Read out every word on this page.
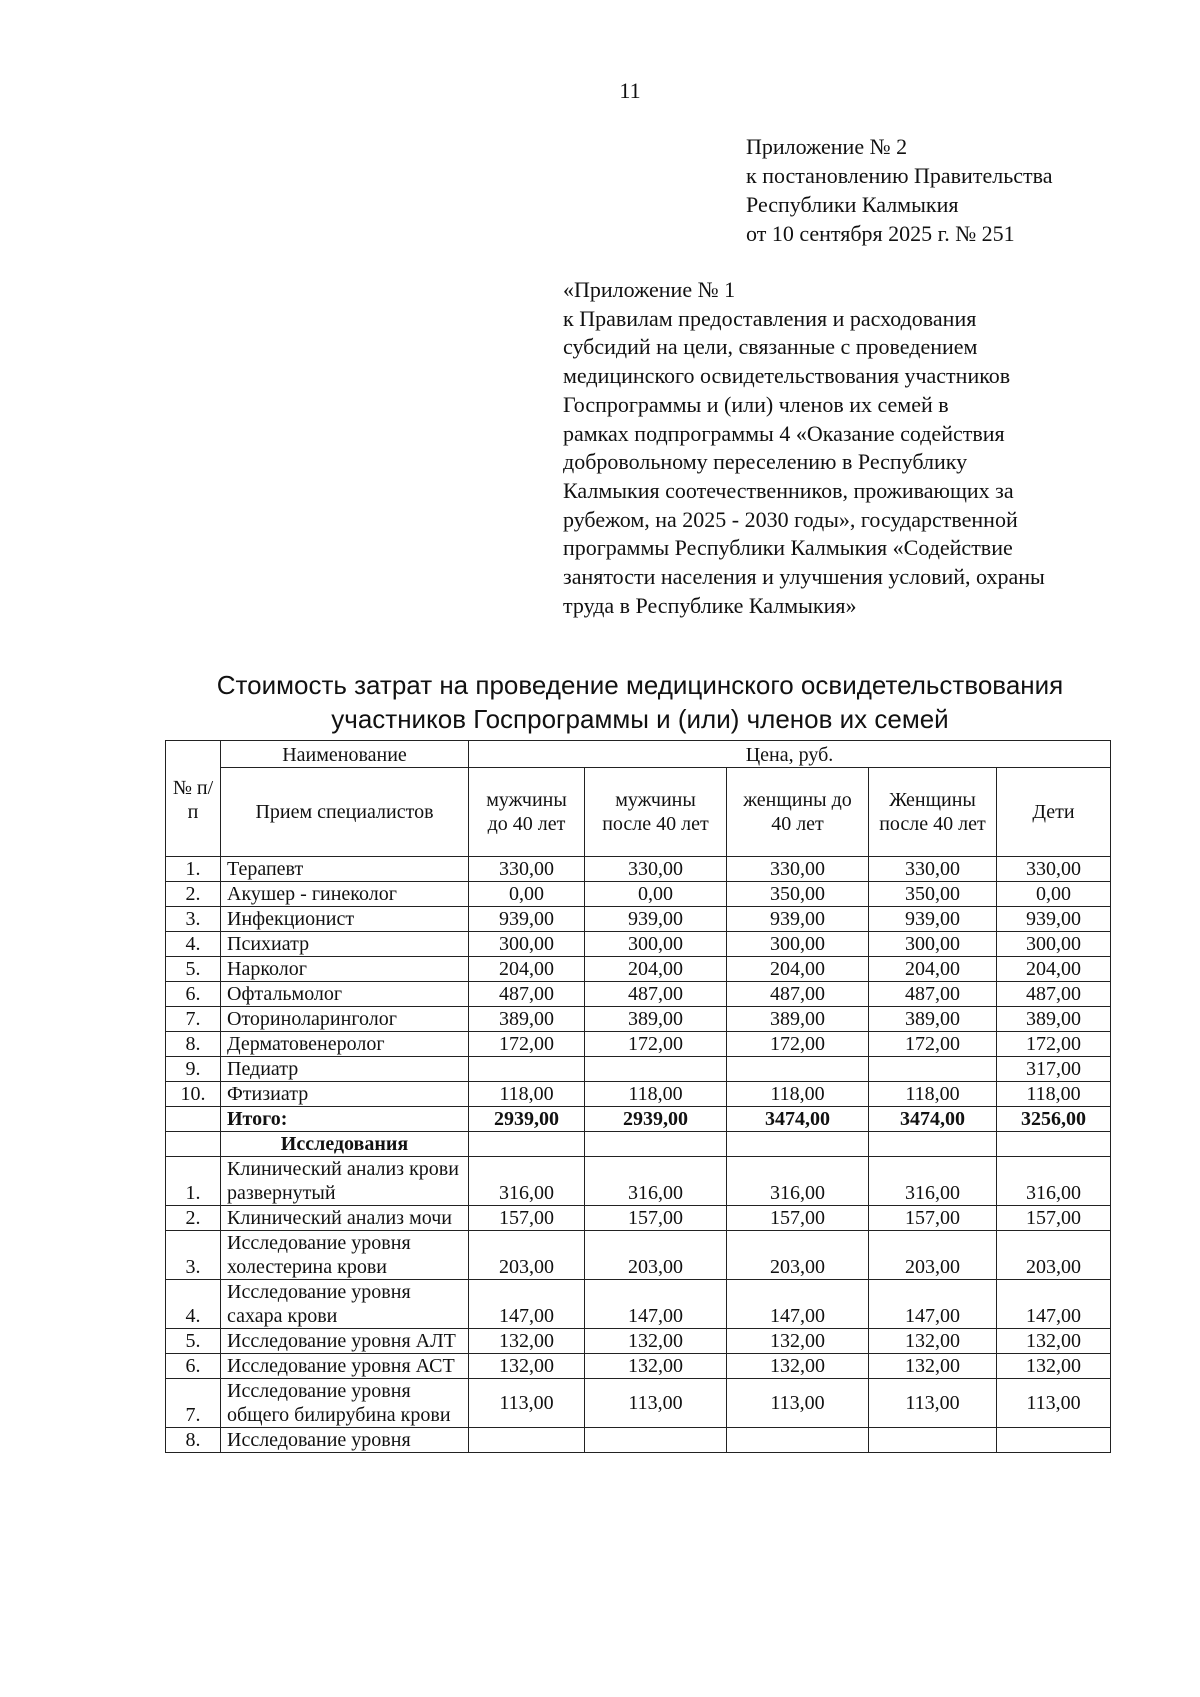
11
Приложение № 2
к постановлению Правительства
Республики Калмыкия
от 10 сентября 2025 г. № 251
«Приложение № 1
к Правилам предоставления и расходования
субсидий на цели, связанные с проведением
медицинского освидетельствования участников
Госпрограммы и (или) членов их семей в
рамках подпрограммы 4 «Оказание содействия
добровольному переселению в Республику
Калмыкия соотечественников, проживающих за
рубежом, на 2025 - 2030 годы», государственной
программы Республики Калмыкия «Содействие
занятости населения и улучшения условий, охраны
труда в Республике Калмыкия»
Стоимость затрат на проведение медицинского освидетельствования
участников Госпрограммы и (или) членов их семей
№ п/п	Наименование	Цена, руб.				
	Прием специалистов	мужчины до 40 лет	мужчины после 40 лет	женщины до 40 лет	Женщины после 40 лет	Дети
1.	Терапевт	330,00	330,00	330,00	330,00	330,00
2.	Акушер - гинеколог	0,00	0,00	350,00	350,00	0,00
3.	Инфекционист	939,00	939,00	939,00	939,00	939,00
4.	Психиатр	300,00	300,00	300,00	300,00	300,00
5.	Нарколог	204,00	204,00	204,00	204,00	204,00
6.	Офтальмолог	487,00	487,00	487,00	487,00	487,00
7.	Оториноларинголог	389,00	389,00	389,00	389,00	389,00
8.	Дерматовенеролог	172,00	172,00	172,00	172,00	172,00
9.	Педиатр					317,00
10.	Фтизиатр	118,00	118,00	118,00	118,00	118,00
	Итого:	2939,00	2939,00	3474,00	3474,00	3256,00
	Исследования					
1.	Клинический анализ крови развернутый	316,00	316,00	316,00	316,00	316,00
2.	Клинический анализ мочи	157,00	157,00	157,00	157,00	157,00
3.	Исследование уровня холестерина крови	203,00	203,00	203,00	203,00	203,00
4.	Исследование уровня сахара крови	147,00	147,00	147,00	147,00	147,00
5.	Исследование уровня АЛТ	132,00	132,00	132,00	132,00	132,00
6.	Исследование уровня АСТ	132,00	132,00	132,00	132,00	132,00
7.	Исследование уровня общего билирубина крови	113,00	113,00	113,00	113,00	113,00
8.	Исследование уровня					
